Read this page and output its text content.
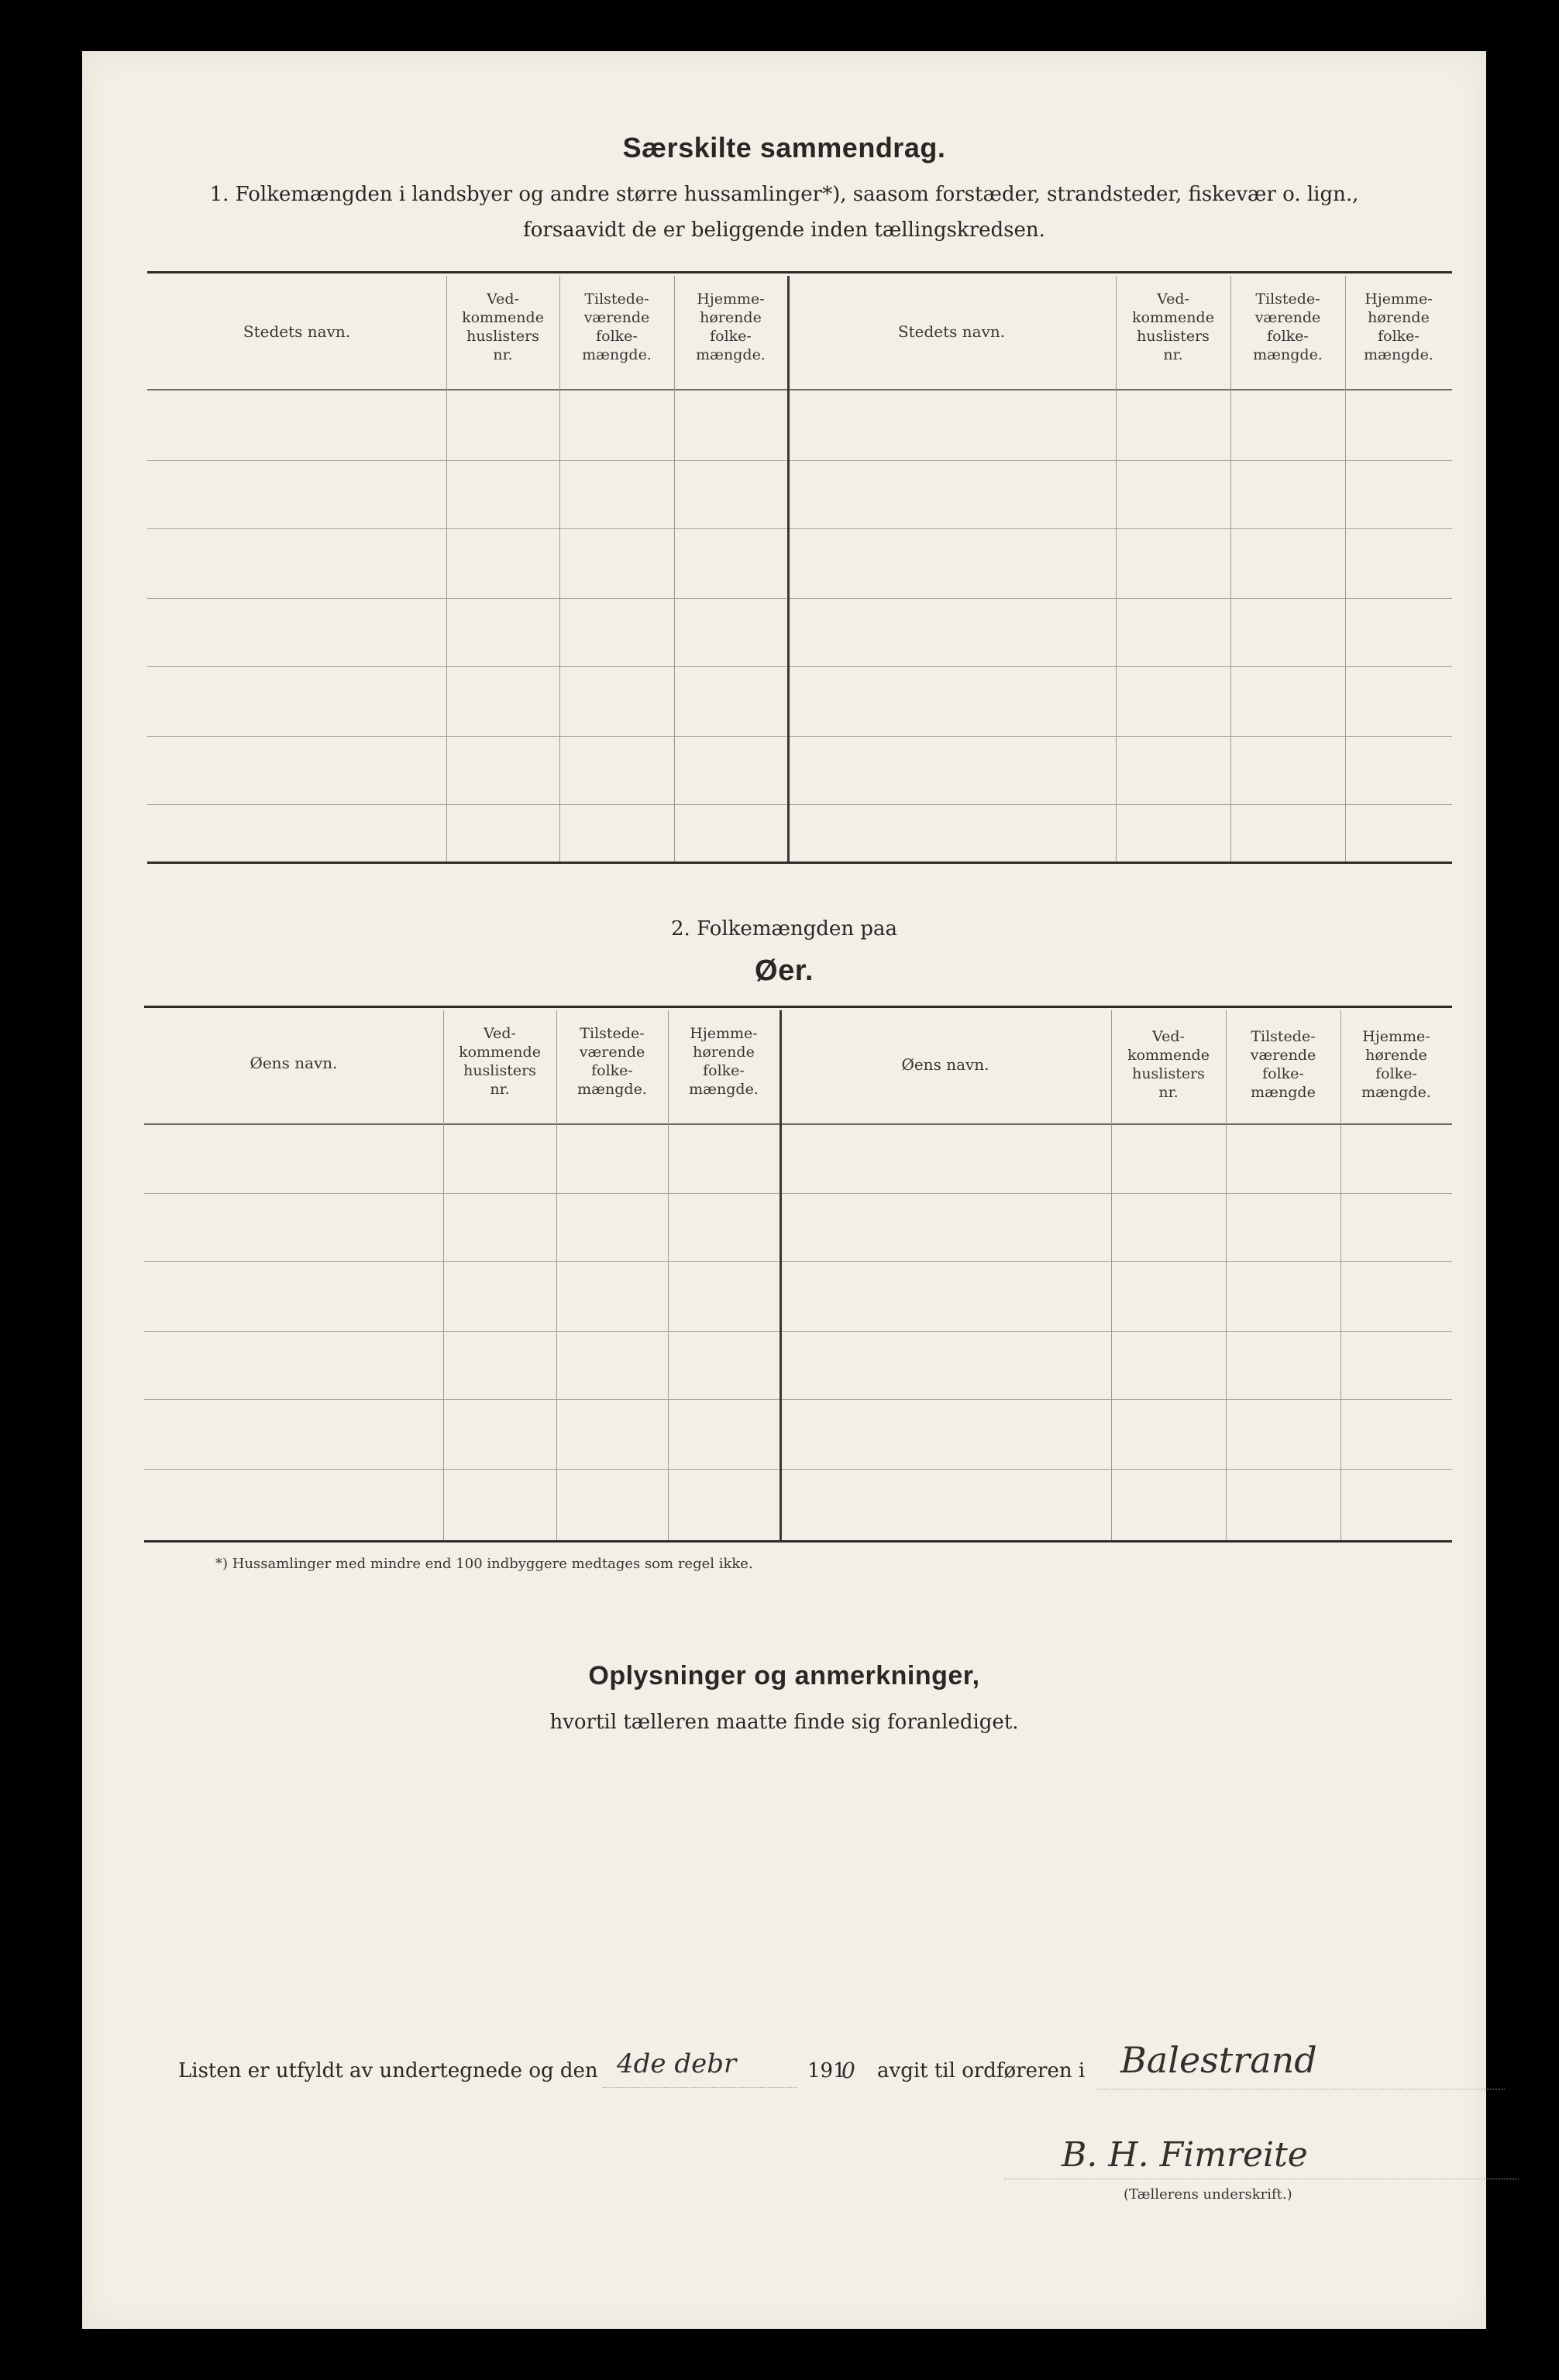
Særskilte sammendrag.
1. Folkemængden i landsbyer og andre større hussamlinger*), saasom forstæder, strandsteder, fiskevær o. lign.,
forsaavidt de er beliggende inden tællingskredsen.
Stedets navn.
Ved-
kommende
huslisters
nr.
Tilstede-
værende
folke-
mængde.
Hjemme-
hørende
folke-
mængde.
Stedets navn.
Ved-
kommende
huslisters
nr.
Tilstede-
værende
folke-
mængde.
Hjemme-
hørende
folke-
mængde.
2. Folkemængden paa
Øer.
Øens navn.
Ved-
kommende
huslisters
nr.
Tilstede-
værende
folke-
mængde.
Hjemme-
hørende
folke-
mængde.
Øens navn.
Ved-
kommende
huslisters
nr.
Tilstede-
værende
folke-
mængde
Hjemme-
hørende
folke-
mængde.
*) Hussamlinger med mindre end 100 indbyggere medtages som regel ikke.
Oplysninger og anmerkninger,
hvortil tælleren maatte finde sig foranlediget.
Listen er utfyldt av undertegnede og den 4de debr	191
0 avgit til ordføreren i Balestrand
B. H. Fimreite
(Tællerens underskrift.)
